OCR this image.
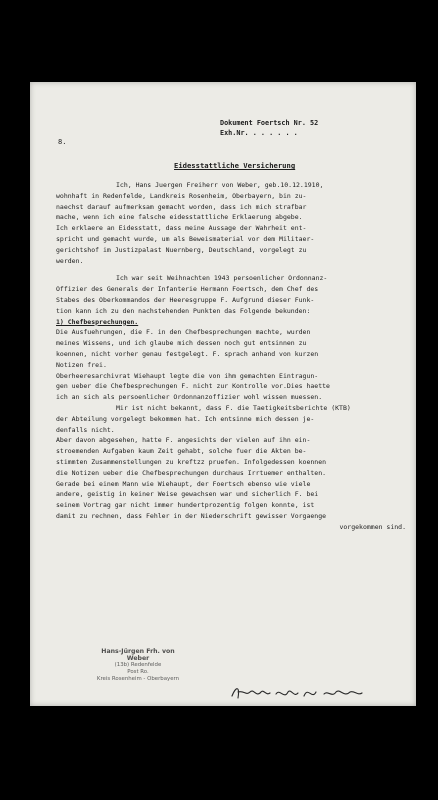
Dokument Foertsch Nr. 52
Exh.Nr. . . . . . .
8.
Eidesstattliche Versicherung
Ich, Hans Juergen Freiherr von Weber, geb.10.12.1910,
wohnhaft in Redenfelde, Landkreis Rosenheim, Oberbayern, bin zu-
naechst darauf aufmerksam gemacht worden, dass ich mich strafbar
mache, wenn ich eine falsche eidesstattliche Erklaerung abgebe.
Ich erklaere an Eidesstatt, dass meine Aussage der Wahrheit ent-
spricht und gemacht wurde, um als Beweismaterial vor dem Militaer-
gerichtshof im Justizpalast Nuernberg, Deutschland, vorgelegt zu
werden.
Ich war seit Weihnachten 1943 persoenlicher Ordonnanz-
Offizier des Generals der Infanterie Hermann Foertsch, dem Chef des
Stabes des Oberkommandos der Heeresgruppe F. Aufgrund dieser Funk-
tion kann ich zu den nachstehenden Punkten das Folgende bekunden:
1) Chefbesprechungen.
Die Ausfuehrungen, die F. in den Chefbesprechungen machte, wurden
meines Wissens, und ich glaube mich dessen noch gut entsinnen zu
koennen, nicht vorher genau festgelegt. F. sprach anhand von kurzen
Notizen frei.
Oberheeresarchivrat Wiehaupt legte die von ihm gemachten Eintragun-
gen ueber die Chefbesprechungen F. nicht zur Kontrolle vor.Dies haette
ich an sich als persoenlicher Ordonnanzoffizier wohl wissen muessen.
Mir ist nicht bekannt, dass F. die Taetigkeitsberichte (KTB)
der Abteilung vorgelegt bekommen hat. Ich entsinne mich dessen je-
denfalls nicht.
Aber davon abgesehen, hatte F. angesichts der vielen auf ihn ein-
stroemenden Aufgaben kaum Zeit gehabt, solche fuer die Akten be-
stimmten Zusammenstellungen zu kreftzz pruefen. Infolgedessen koennen
die Notizen ueber die Chefbesprechungen durchaus Irrtuemer enthalten.
Gerade bei einem Mann wie Wiehaupt, der Foertsch ebenso wie viele
andere, geistig in keiner Weise gewachsen war und sicherlich F. bei
seinem Vortrag gar nicht immer hundertprozentig folgen konnte, ist
damit zu rechnen, dass Fehler in der Niederschrift gewisser Vorgaenge
vorgekommen sind.
Hans-Jürgen Frh. von Weber
(13b) Redenfelde
Post Ro.
Kreis Rosenheim - Oberbayern
